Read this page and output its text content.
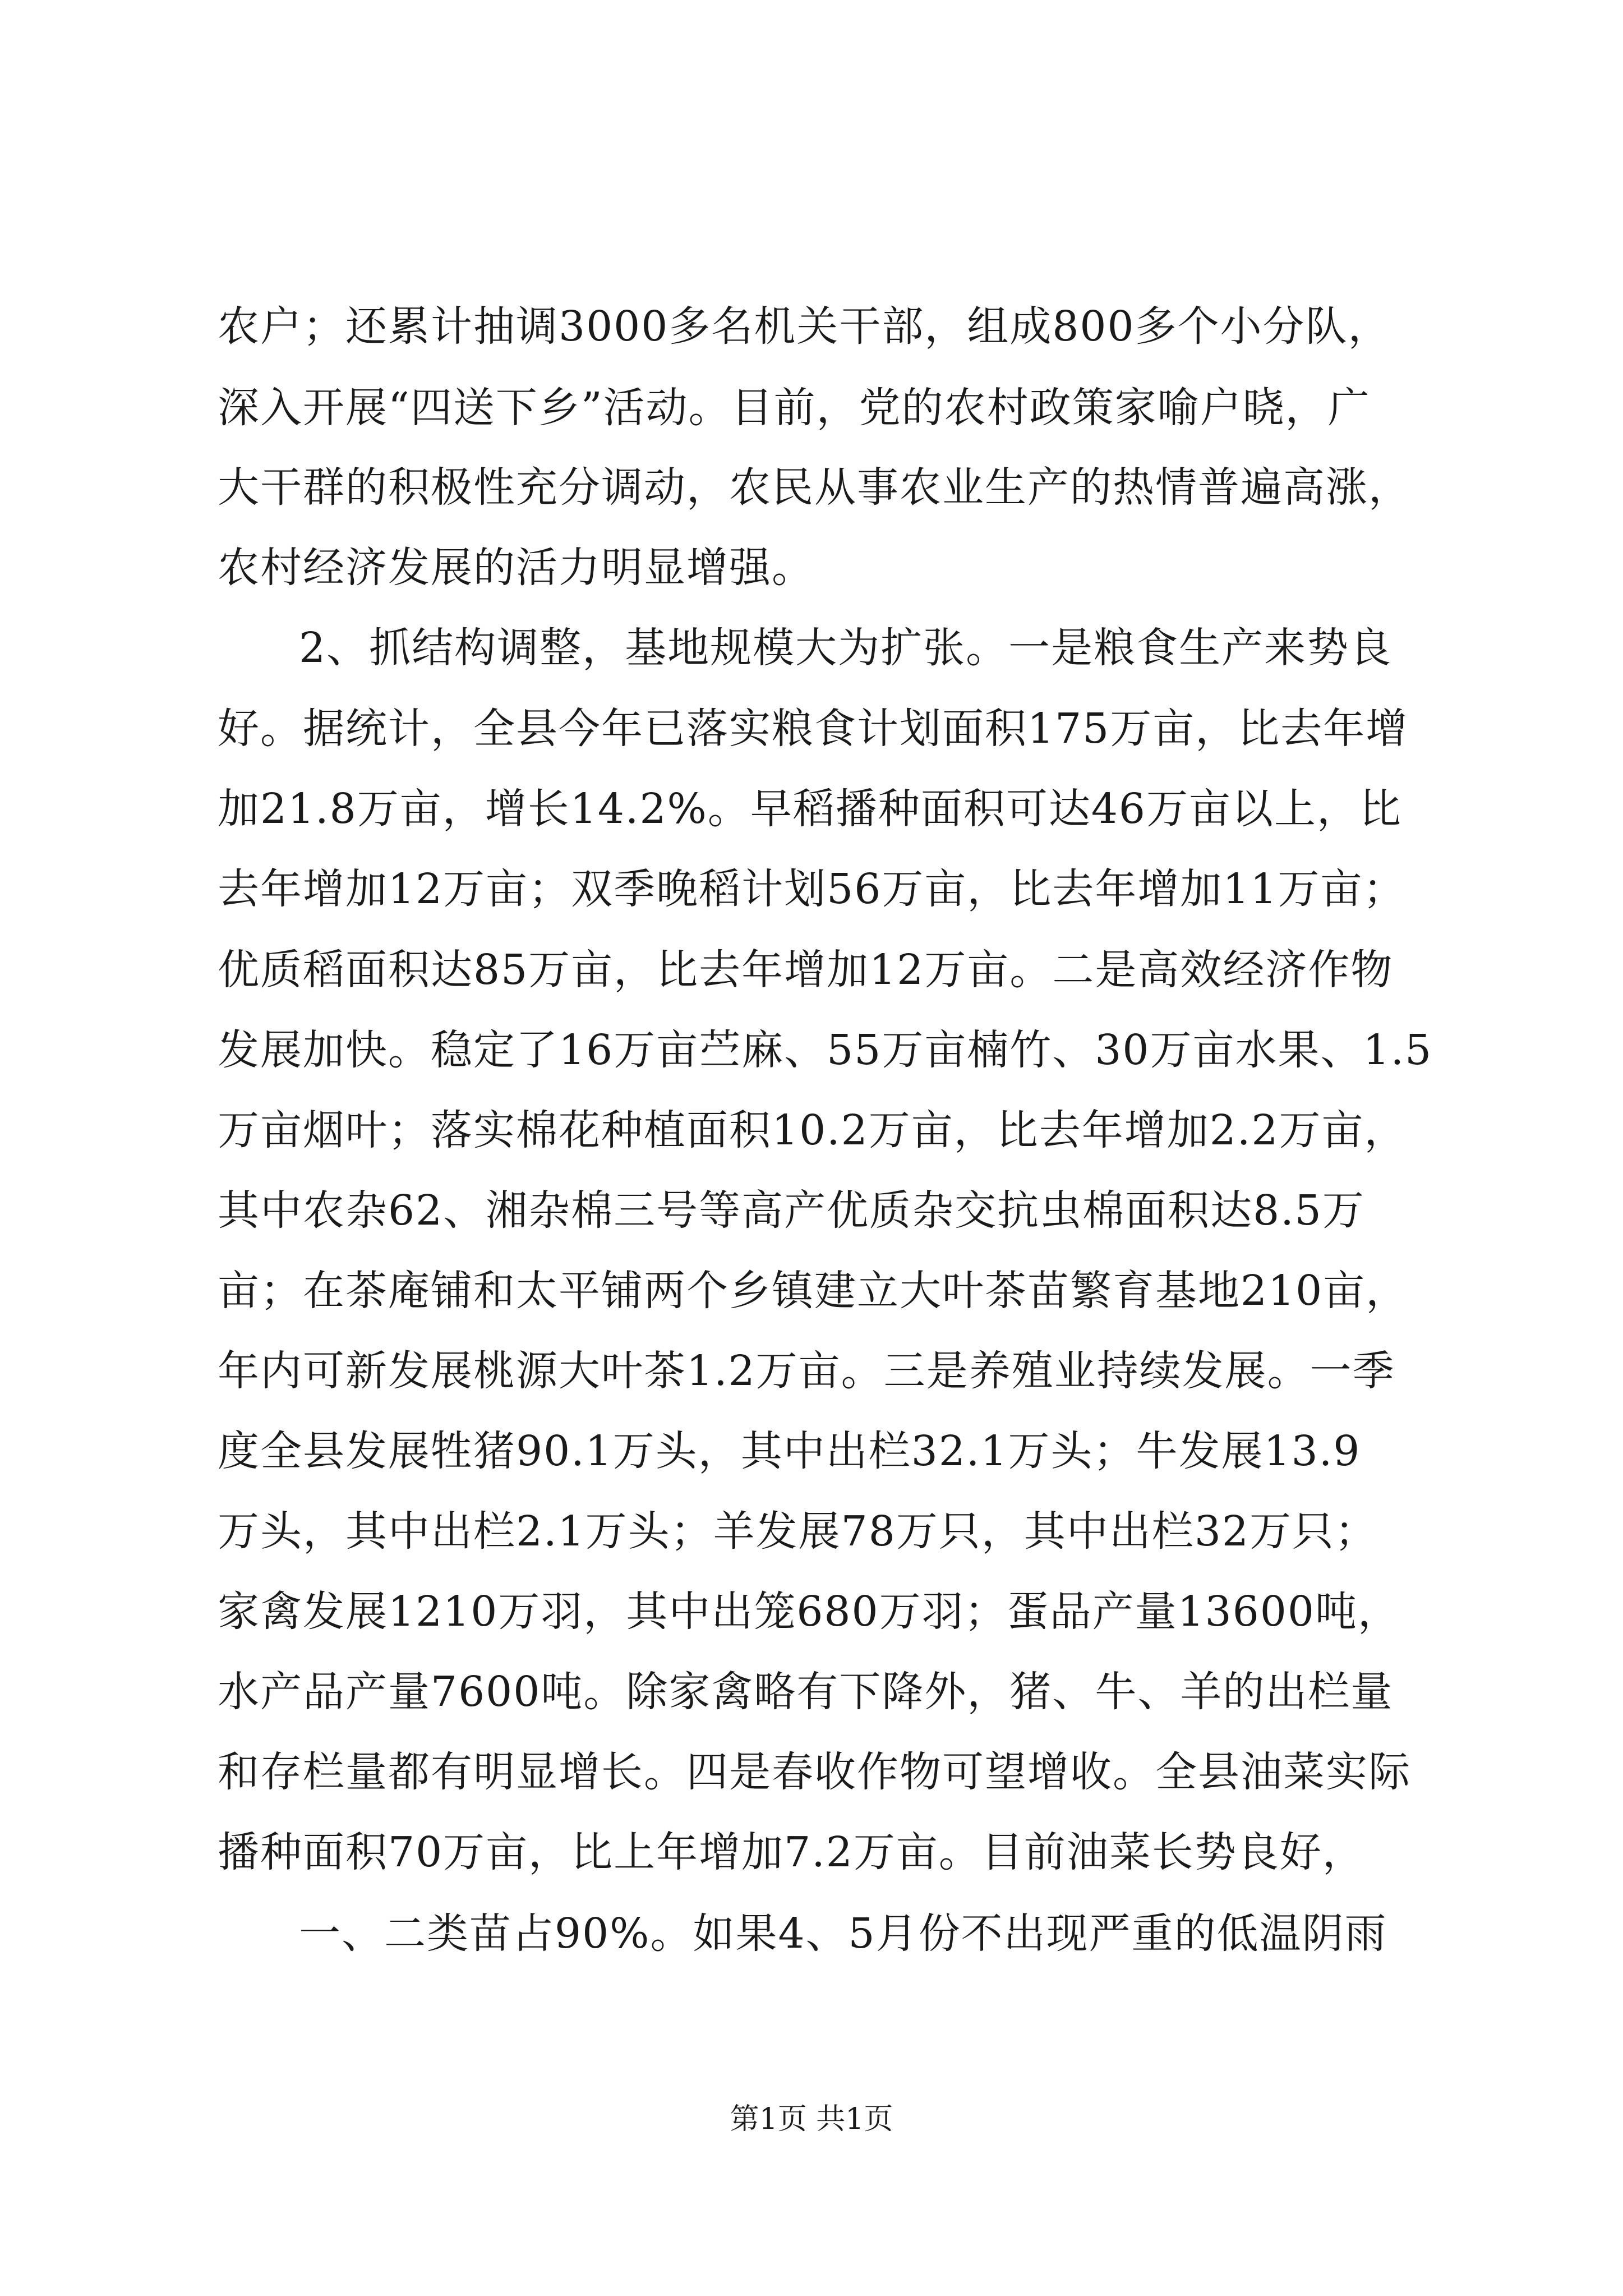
农户；还累计抽调3000多名机关干部，组成800多个小分队，
深入开展“四送下乡”活动。目前，党的农村政策家喻户晓，广
大干群的积极性充分调动，农民从事农业生产的热情普遍高涨，
农村经济发展的活力明显增强。
2、抓结构调整，基地规模大为扩张。一是粮食生产来势良
好。据统计，全县今年已落实粮食计划面积175万亩，比去年增
加21.8万亩，增长14.2%。早稻播种面积可达46万亩以上，比
去年增加12万亩；双季晚稻计划56万亩，比去年增加11万亩；
优质稻面积达85万亩，比去年增加12万亩。二是高效经济作物
发展加快。稳定了16万亩苎麻、55万亩楠竹、30万亩水果、1.5
万亩烟叶；落实棉花种植面积10.2万亩，比去年增加2.2万亩，
其中农杂62、湘杂棉三号等高产优质杂交抗虫棉面积达8.5万
亩；在茶庵铺和太平铺两个乡镇建立大叶茶苗繁育基地210亩，
年内可新发展桃源大叶茶1.2万亩。三是养殖业持续发展。一季
度全县发展牲猪90.1万头，其中出栏32.1万头；牛发展13.9
万头，其中出栏2.1万头；羊发展78万只，其中出栏32万只；
家禽发展1210万羽，其中出笼680万羽；蛋品产量13600吨，
水产品产量7600吨。除家禽略有下降外，猪、牛、羊的出栏量
和存栏量都有明显增长。四是春收作物可望增收。全县油菜实际
播种面积70万亩，比上年增加7.2万亩。目前油菜长势良好，
一、二类苗占90%。如果4、5月份不出现严重的低温阴雨
第1页 共1页
